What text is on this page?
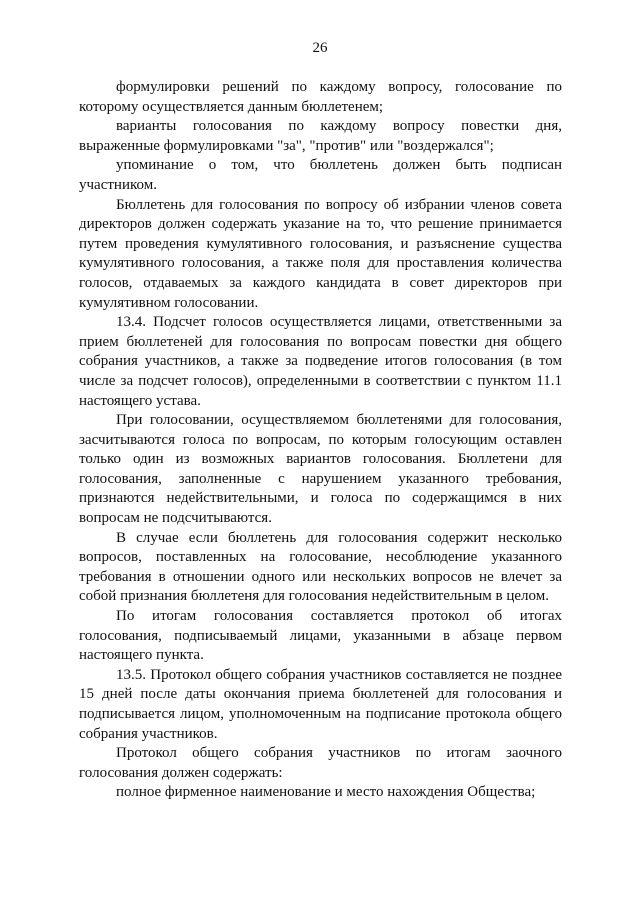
26

формулировки решений по каждому вопросу, голосование по которому осуществляется данным бюллетенем;

варианты голосования по каждому вопросу повестки дня, выраженные формулировками "за", "против" или "воздержался";

упоминание о том, что бюллетень должен быть подписан участником.

Бюллетень для голосования по вопросу об избрании членов совета директоров должен содержать указание на то, что решение принимается путем проведения кумулятивного голосования, и разъяснение существа кумулятивного голосования, а также поля для проставления количества голосов, отдаваемых за каждого кандидата в совет директоров при кумулятивном голосовании.

13.4. Подсчет голосов осуществляется лицами, ответственными за прием бюллетеней для голосования по вопросам повестки дня общего собрания участников, а также за подведение итогов голосования (в том числе за подсчет голосов), определенными в соответствии с пунктом 11.1 настоящего устава.

При голосовании, осуществляемом бюллетенями для голосования, засчитываются голоса по вопросам, по которым голосующим оставлен только один из возможных вариантов голосования. Бюллетени для голосования, заполненные с нарушением указанного требования, признаются недействительными, и голоса по содержащимся в них вопросам не подсчитываются.

В случае если бюллетень для голосования содержит несколько вопросов, поставленных на голосование, несоблюдение указанного требования в отношении одного или нескольких вопросов не влечет за собой признания бюллетеня для голосования недействительным в целом.

По итогам голосования составляется протокол об итогах голосования, подписываемый лицами, указанными в абзаце первом настоящего пункта.

13.5. Протокол общего собрания участников составляется не позднее 15 дней после даты окончания приема бюллетеней для голосования и подписывается лицом, уполномоченным на подписание протокола общего собрания участников.

Протокол общего собрания участников по итогам заочного голосования должен содержать:

полное фирменное наименование и место нахождения Общества;
